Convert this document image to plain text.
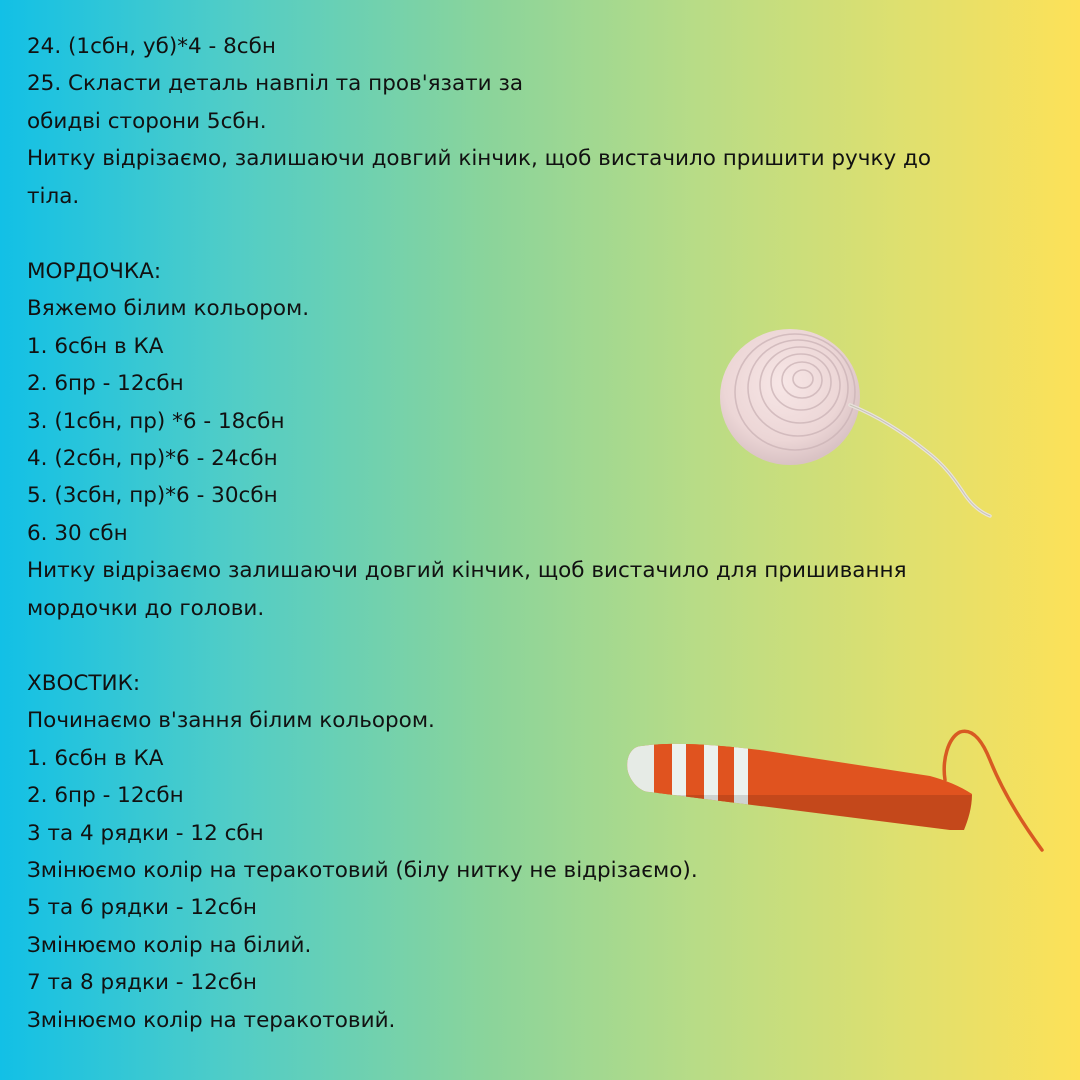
24. (1сбн, уб)*4 - 8сбн
25. Скласти деталь навпіл та пров'язати за
обидві сторони 5сбн.
Нитку відрізаємо, залишаючи довгий кінчик, щоб вистачило пришити ручку до
тіла.
МОРДОЧКА:
Вяжемо білим кольором.
1. 6сбн в КА
2. 6пр - 12сбн
3. (1сбн, пр) *6 - 18сбн
4. (2сбн, пр)*6 - 24сбн
5. (3сбн, пр)*6 - 30сбн
6. 30 сбн
Нитку відрізаємо залишаючи довгий кінчик, щоб вистачило для пришивання
мордочки до голови.
ХВОСТИК:
Починаємо в'зання білим кольором.
1. 6сбн в КА
2. 6пр - 12сбн
3 та 4 рядки - 12 сбн
Змінюємо колір на теракотовий (білу нитку не відрізаємо).
5 та 6 рядки - 12сбн
Змінюємо колір на білий.
7 та 8 рядки - 12сбн
Змінюємо колір на теракотовий.
